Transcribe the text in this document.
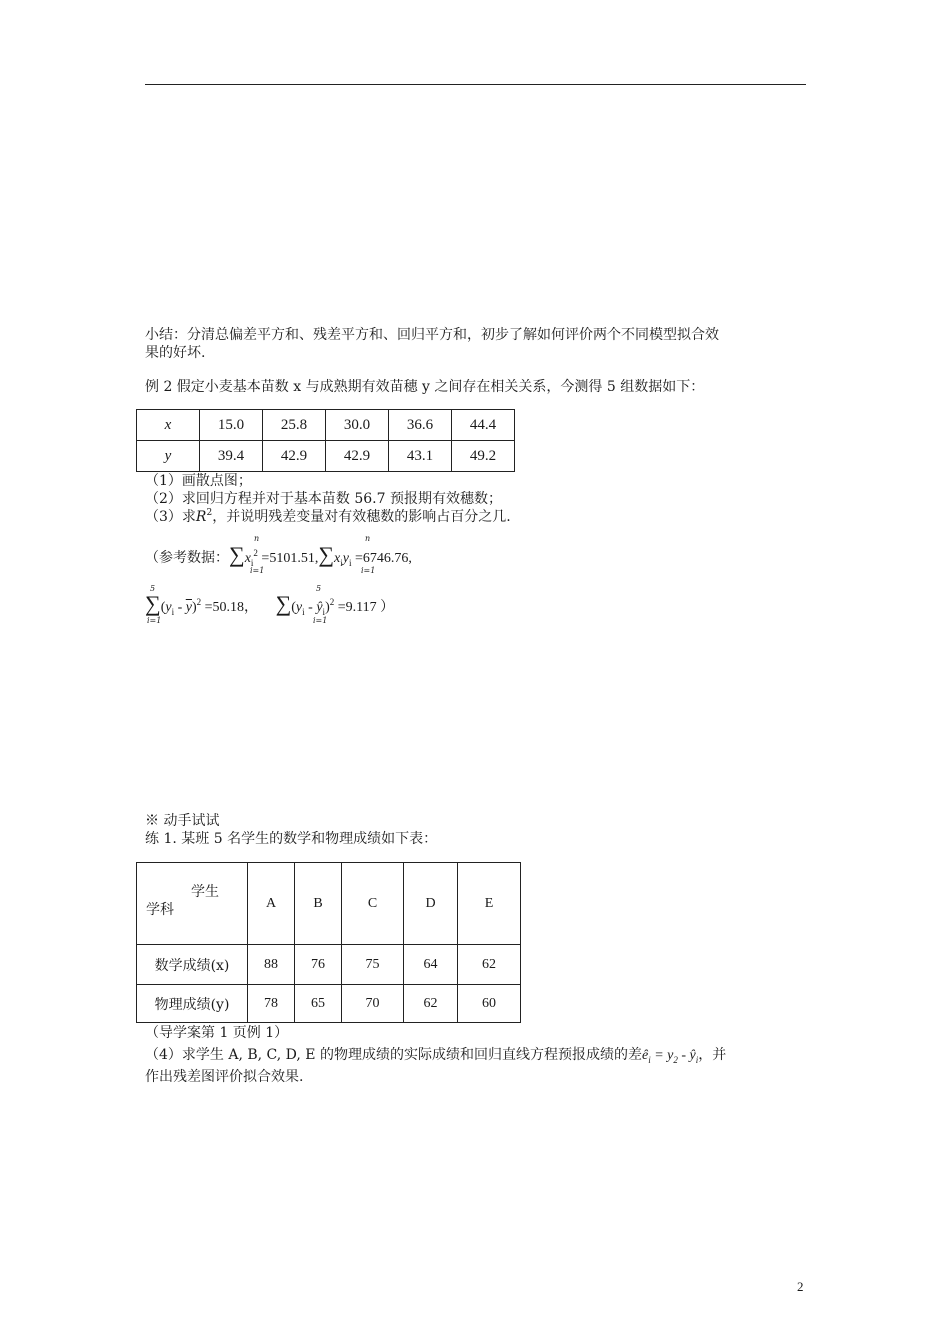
小结：分清总偏差平方和、残差平方和、回归平方和，初步了解如何评价两个不同模型拟合效
果的好坏.
例 2 假定小麦基本苗数 x 与成熟期有效苗穗 y 之间存在相关关系，今测得 5 组数据如下：
x	15.0	25.8	30.0	36.6	44.4
y	39.4	42.9	42.9	43.1	49.2
（1）画散点图；
（2）求回归方程并对于基本苗数 56.7 预报期有效穗数；
（3）求$R^2$，并说明残差变量对有效穗数的影响占百分之几.
（参考数据：$\sum x_i^2 =5101.51,\sum x_iy_i =6746.76$,
n
i=1
n
i=1
$\sum(y_i - \overline{y})^2 =50.18$， $\sum(y_i$ - $ŷ_i)^2 =9.117$ ）
5
i=1
5
i=1
※ 动手试试
练 1. 某班 5 名学生的数学和物理成绩如下表：
学生
学科	A	B	C	D	E
数学成绩(x)	88	76	75	64	62
物理成绩(y)	78	65	70	62	60
（导学案第 1 页例 1）
（4）求学生 A, B, C, D, E 的物理成绩的实际成绩和回归直线方程预报成绩的差$ê_i = y_2$ - $ŷ_i$，并
作出残差图评价拟合效果.
2
